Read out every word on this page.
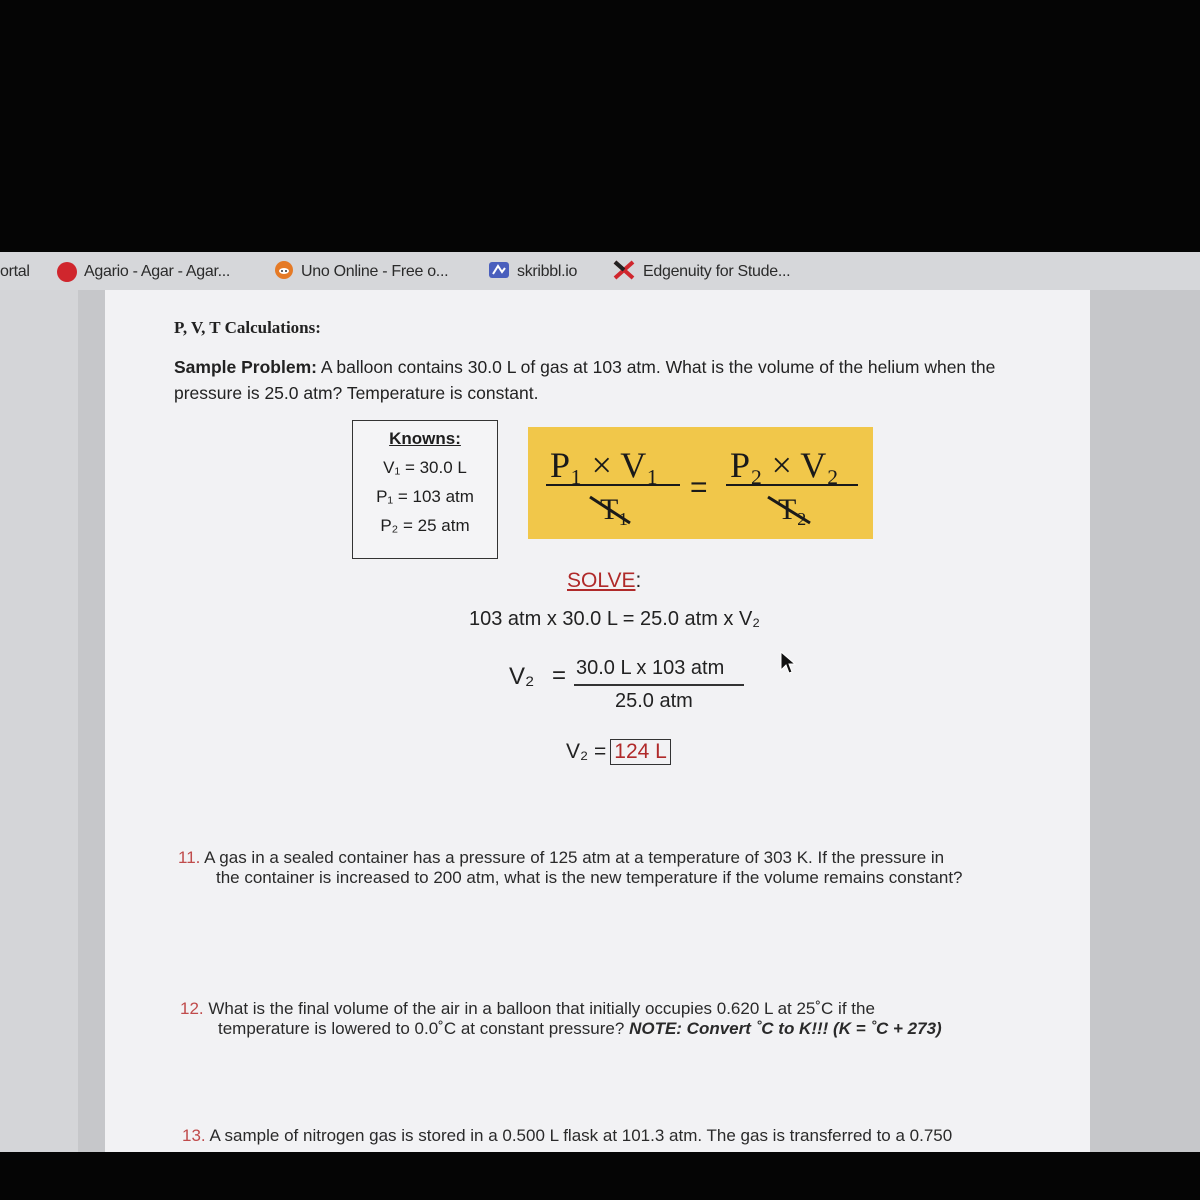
ortal	Agario - Agar - Agar...	Uno Online - Free o...	skribbl.io	Edgenuity for Stude...
P, V, T Calculations:
Sample Problem: A balloon contains 30.0 L of gas at 103 atm. What is the volume of the helium when the pressure is 25.0 atm? Temperature is constant.
Knowns:
V₁ = 30.0 L
P₁ = 103 atm
P₂ = 25 atm
P₁ × V₁
T₁
=
P₂ × V₂
T₂
SOLVE:
103 atm x 30.0 L = 25.0 atm x V₂
V₂ = 30.0 L x 103 atm
25.0 atm
V₂ = 124 L
11. A gas in a sealed container has a pressure of 125 atm at a temperature of 303 K. If the pressure in
the container is increased to 200 atm, what is the new temperature if the volume remains constant?
12. What is the final volume of the air in a balloon that initially occupies 0.620 L at 25˚C if the
temperature is lowered to 0.0˚C at constant pressure? NOTE: Convert ˚C to K!!! (K = ˚C + 273)
13. A sample of nitrogen gas is stored in a 0.500 L flask at 101.3 atm. The gas is transferred to a 0.750
